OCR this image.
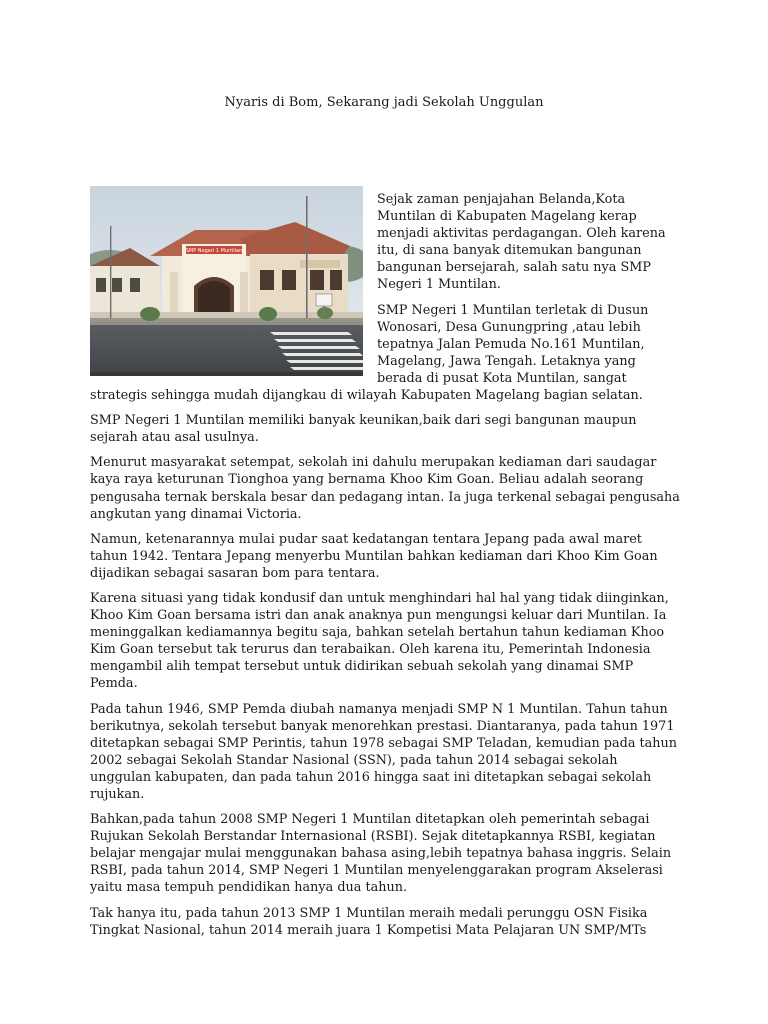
Nyaris di Bom, Sekarang jadi Sekolah Unggulan
SMP Negeri 1 Muntilan

Sejak zaman penjajahan Belanda,Kota Muntilan di Kabupaten Magelang kerap menjadi aktivitas perdagangan. Oleh karena itu, di sana banyak ditemukan bangunan bangunan bersejarah, salah satu nya SMP Negeri 1 Muntilan.

SMP Negeri 1 Muntilan terletak di Dusun Wonosari, Desa Gunungpring ,atau lebih tepatnya Jalan Pemuda No.161 Muntilan, Magelang, Jawa Tengah. Letaknya yang berada di pusat Kota Muntilan, sangat strategis sehingga mudah dijangkau di wilayah Kabupaten Magelang bagian selatan.

SMP Negeri 1 Muntilan memiliki banyak keunikan,baik dari segi bangunan maupun sejarah atau asal usulnya.

Menurut masyarakat setempat, sekolah ini dahulu merupakan kediaman dari saudagar kaya raya keturunan Tionghoa yang bernama Khoo Kim Goan. Beliau adalah seorang pengusaha ternak berskala besar dan pedagang intan. Ia juga terkenal sebagai pengusaha angkutan yang dinamai Victoria.

Namun, ketenarannya mulai pudar saat kedatangan tentara Jepang pada awal maret tahun 1942. Tentara Jepang menyerbu Muntilan bahkan kediaman dari Khoo Kim Goan dijadikan sebagai sasaran bom para tentara.

Karena situasi yang tidak kondusif dan untuk menghindari hal hal yang tidak diinginkan, Khoo Kim Goan bersama istri dan anak anaknya pun mengungsi keluar dari Muntilan. Ia meninggalkan kediamannya begitu saja, bahkan setelah bertahun tahun kediaman Khoo Kim Goan tersebut tak terurus dan terabaikan. Oleh karena itu, Pemerintah Indonesia mengambil alih tempat tersebut untuk didirikan sebuah sekolah yang dinamai SMP Pemda.

Pada tahun 1946, SMP Pemda diubah namanya menjadi SMP N 1 Muntilan. Tahun tahun berikutnya, sekolah tersebut banyak menorehkan prestasi. Diantaranya, pada tahun 1971 ditetapkan sebagai SMP Perintis, tahun 1978 sebagai SMP Teladan, kemudian pada tahun 2002 sebagai Sekolah Standar Nasional (SSN), pada tahun 2014 sebagai sekolah unggulan kabupaten, dan pada tahun 2016 hingga saat ini ditetapkan sebagai sekolah rujukan.

Bahkan,pada tahun 2008 SMP Negeri 1 Muntilan ditetapkan oleh pemerintah sebagai Rujukan Sekolah Berstandar Internasional (RSBI). Sejak ditetapkannya RSBI, kegiatan belajar mengajar mulai menggunakan bahasa asing,lebih tepatnya bahasa inggris. Selain RSBI, pada tahun 2014, SMP Negeri 1 Muntilan menyelenggarakan program Akselerasi yaitu masa tempuh pendidikan hanya dua tahun.

Tak hanya itu, pada tahun 2013 SMP 1 Muntilan meraih medali perunggu OSN Fisika Tingkat Nasional, tahun 2014 meraih juara 1 Kompetisi Mata Pelajaran UN SMP/MTs
